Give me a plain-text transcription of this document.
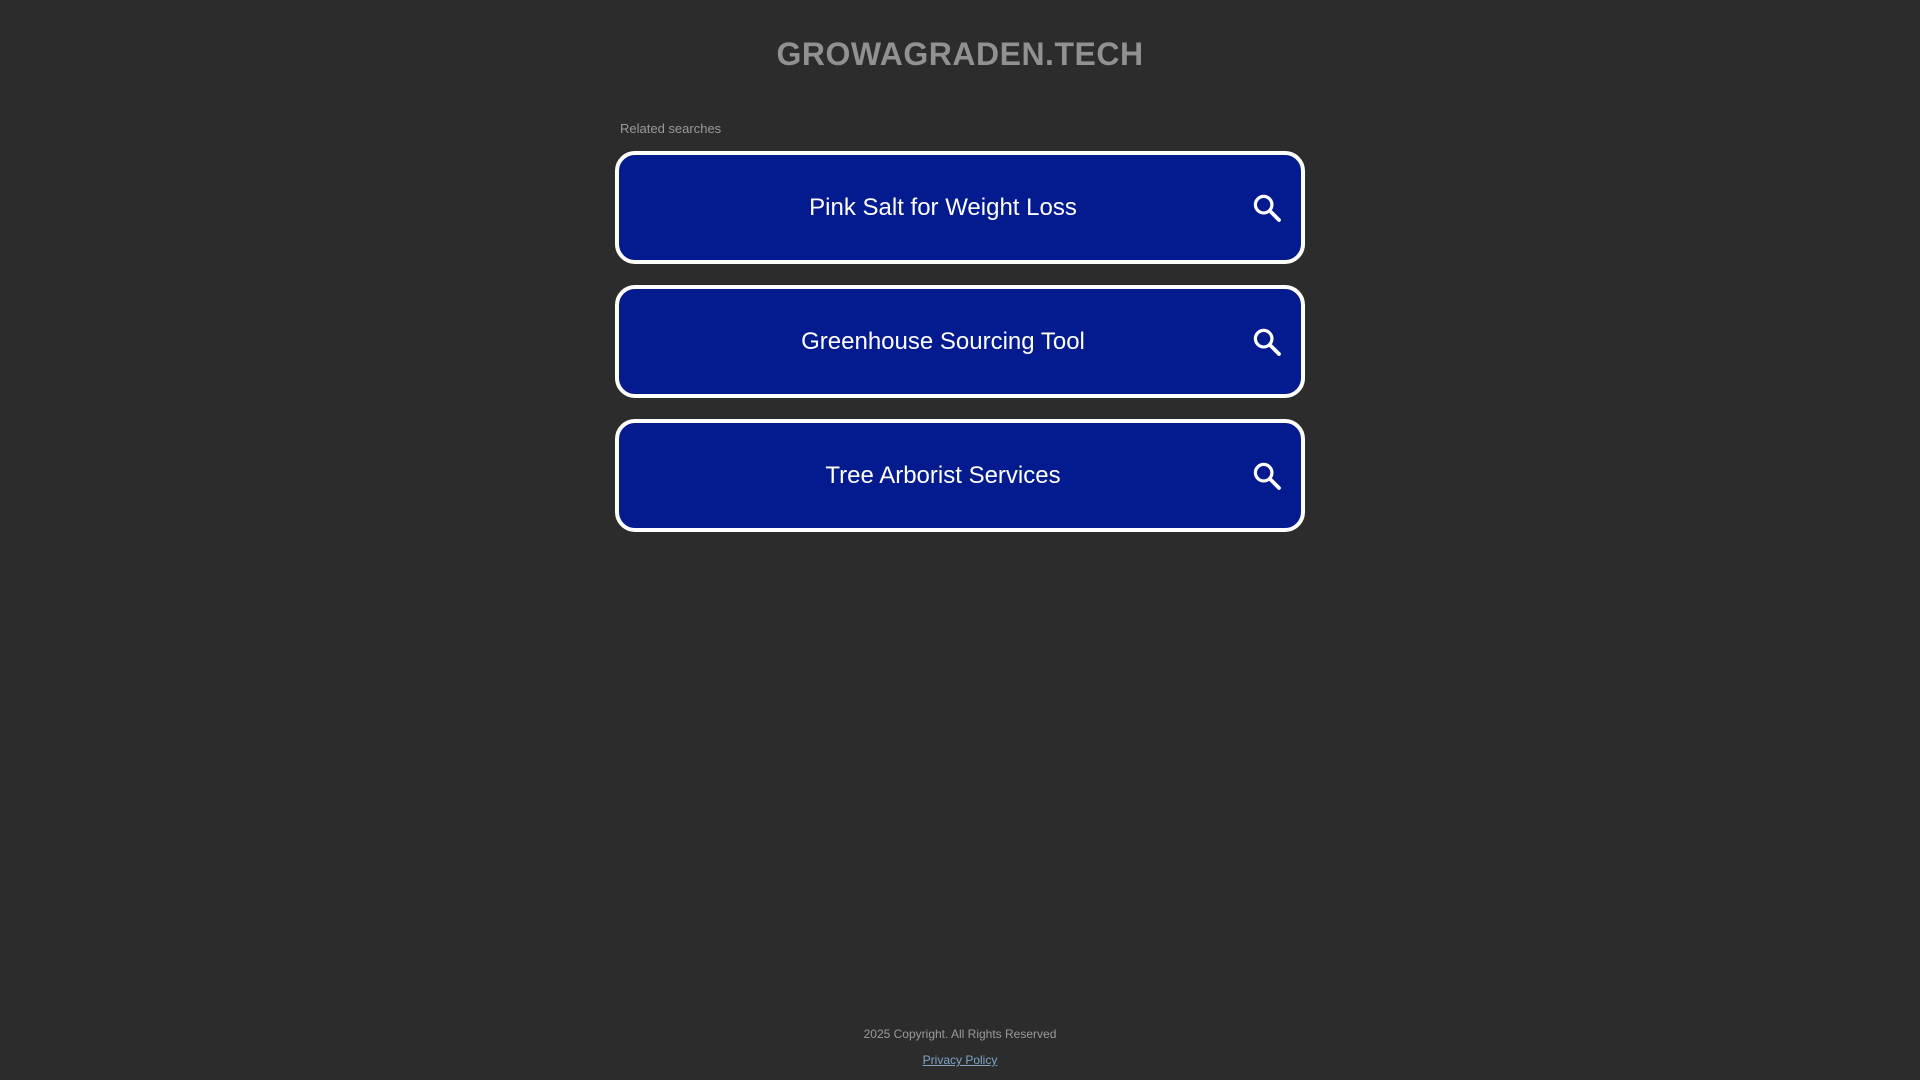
GROWAGRADEN.TECH
Related searches
Pink Salt for Weight Loss
Greenhouse Sourcing Tool
Tree Arborist Services
2025 Copyright. All Rights Reserved
Privacy Policy
